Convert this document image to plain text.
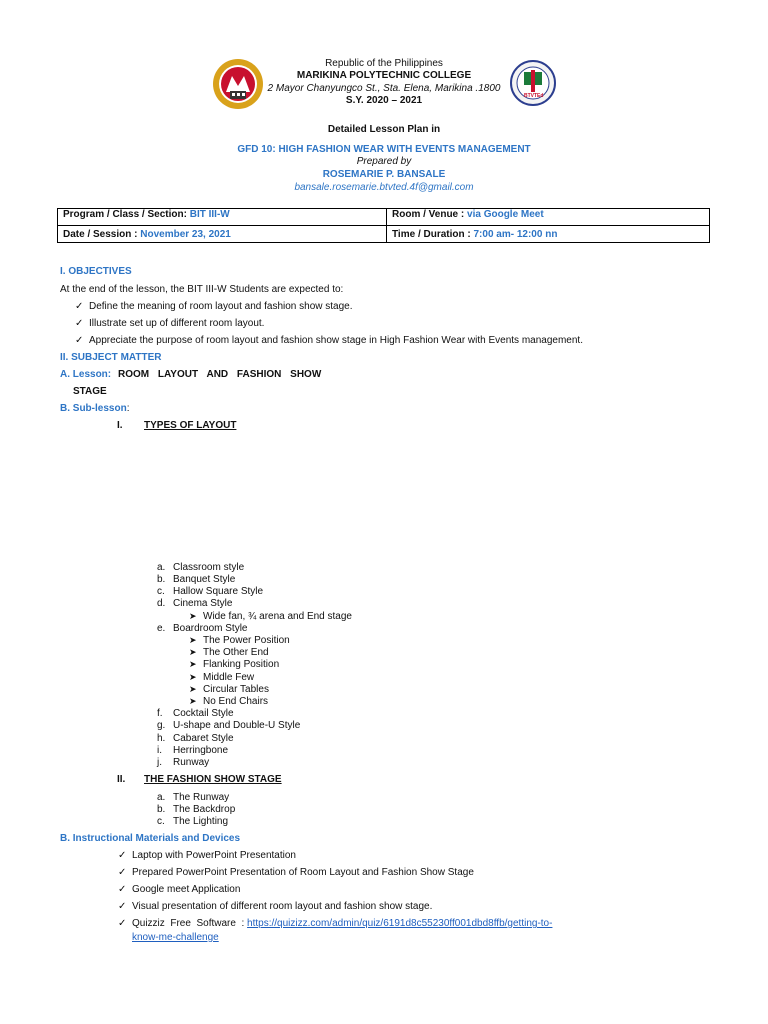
BTVTEd
Republic of the Philippines
MARIKINA POLYTECHNIC COLLEGE
2 Mayor Chanyungco St., Sta. Elena, Marikina .1800
S.Y. 2020 – 2021
Detailed Lesson Plan in
GFD 10: HIGH FASHION WEAR WITH EVENTS MANAGEMENT
Prepared by
ROSEMARIE P. BANSALE
bansale.rosemarie.btvted.4f@gmail.com
Program / Class / Section: BIT III-W	Room / Venue : via Google Meet
Date / Session : November 23, 2021	Time / Duration : 7:00 am- 12:00 nn
I. OBJECTIVES
At the end of the lesson, the BIT III-W Students are expected to:
✓ Define the meaning of room layout and fashion show stage.
✓ Illustrate set up of different room layout.
✓ Appreciate the purpose of room layout and fashion show stage in High Fashion Wear with Events management.
II. SUBJECT MATTER
A. Lesson: ROOM LAYOUT AND FASHION SHOW
STAGE
B. Sub-lesson:
I. TYPES OF LAYOUT
a. Classroom style
b. Banquet Style
c. Hallow Square Style
d. Cinema Style
➤ Wide fan, ¾ arena and End stage
e. Boardroom Style
➤ The Power Position
➤ The Other End
➤ Flanking Position
➤ Middle Few
➤ Circular Tables
➤ No End Chairs
f. Cocktail Style
g. U-shape and Double-U Style
h. Cabaret Style
i. Herringbone
j. Runway
II. THE FASHION SHOW STAGE
a. The Runway
b. The Backdrop
c. The Lighting
B. Instructional Materials and Devices
✓ Laptop with PowerPoint Presentation
✓ Prepared PowerPoint Presentation of Room Layout and Fashion Show Stage
✓ Google meet Application
✓ Visual presentation of different room layout and fashion show stage.
✓ Quizziz  Free  Software  : https://quizizz.com/admin/quiz/6191d8c55230ff001dbd8ffb/getting-to-
know-me-challenge
